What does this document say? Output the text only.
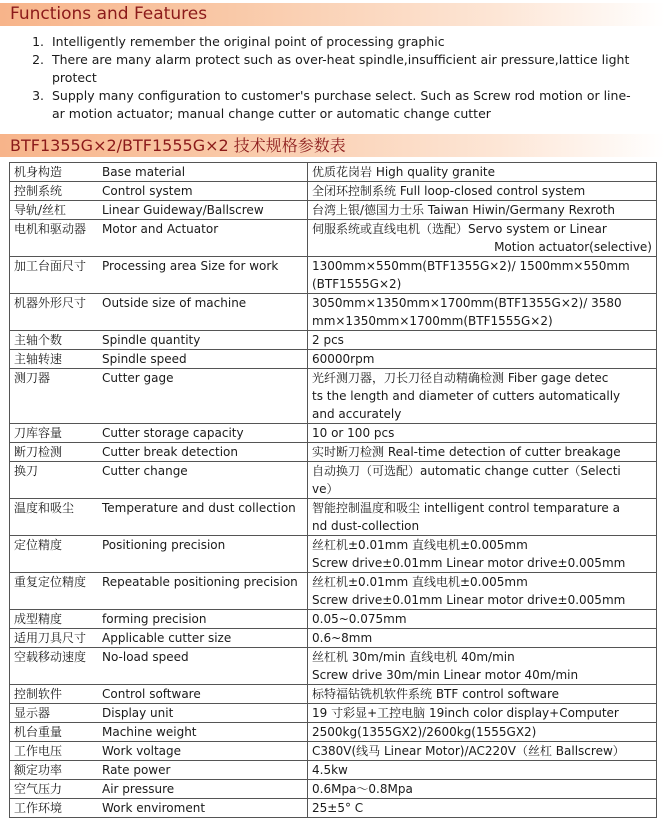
Functions and Features
1. Intelligently remember the original point of processing graphic
2. There are many alarm protect such as over-heat spindle,insufficient air pressure,lattice light protect
3. Supply many configuration to customer's purchase select. Such as Screw rod motion or line-ar motion actuator; manual change cutter or automatic change cutter
BTF1355G×2/BTF1555G×2 技术规格参数表
机身构造 Base material	优质花岗岩 High quality granite

控制系统 Control system	全闭环控制系统 Full loop-closed control system

导轨/丝杠 Linear Guideway/Ballscrew	台湾上银/德国力士乐 Taiwan Hiwin/Germany Rexroth

电机和驱动器 Motor and Actuator	伺服系统或直线电机（选配）Servo system or Linear
Motion actuator(selective)

加工台面尺寸 Processing area Size for work	1300mm×550mm(BTF1355G×2)/ 1500mm×550mm
(BTF1555G×2)

机器外形尺寸 Outside size of machine	3050mm×1350mm×1700mm(BTF1355G×2)/ 3580
mm×1350mm×1700mm(BTF1555G×2)

主轴个数 Spindle quantity	2 pcs

主轴转速 Spindle speed	60000rpm

测刀器 Cutter gage	光纤测刀器，刀长刀径自动精确检测 Fiber gage detec
ts the length and diameter of cutters automatically
and accurately

刀库容量 Cutter storage capacity	10 or 100 pcs

断刀检测 Cutter break detection	实时断刀检测 Real-time detection of cutter breakage

换刀 Cutter change	自动换刀（可选配）automatic change cutter（Selecti
ve）

温度和吸尘 Temperature and dust collection	智能控制温度和吸尘 intelligent control temparature a
nd dust-collection

定位精度 Positioning precision	丝杠机±0.01mm 直线电机±0.005mm
Screw drive±0.01mm Linear motor drive±0.005mm

重复定位精度 Repeatable positioning precision	丝杠机±0.01mm 直线电机±0.005mm
Screw drive±0.01mm Linear motor drive±0.005mm

成型精度 forming precision	0.05~0.075mm

适用刀具尺寸 Applicable cutter size	0.6~8mm

空载移动速度 No-load speed	丝杠机 30m/min 直线电机 40m/min
Screw drive 30m/min Linear motor 40m/min

控制软件 Control software	标特福钻铣机软件系统 BTF control software

显示器 Display unit	19 寸彩显+工控电脑 19inch color display+Computer

机台重量 Machine weight	2500kg(1355GX2)/2600kg(1555GX2)

工作电压 Work voltage	C380V(线马 Linear Motor)/AC220V（丝杠 Ballscrew）

额定功率 Rate power	4.5kw

空气压力 Air pressure	0.6Mpa～0.8Mpa

工作环境 Work enviroment	25±5° C
